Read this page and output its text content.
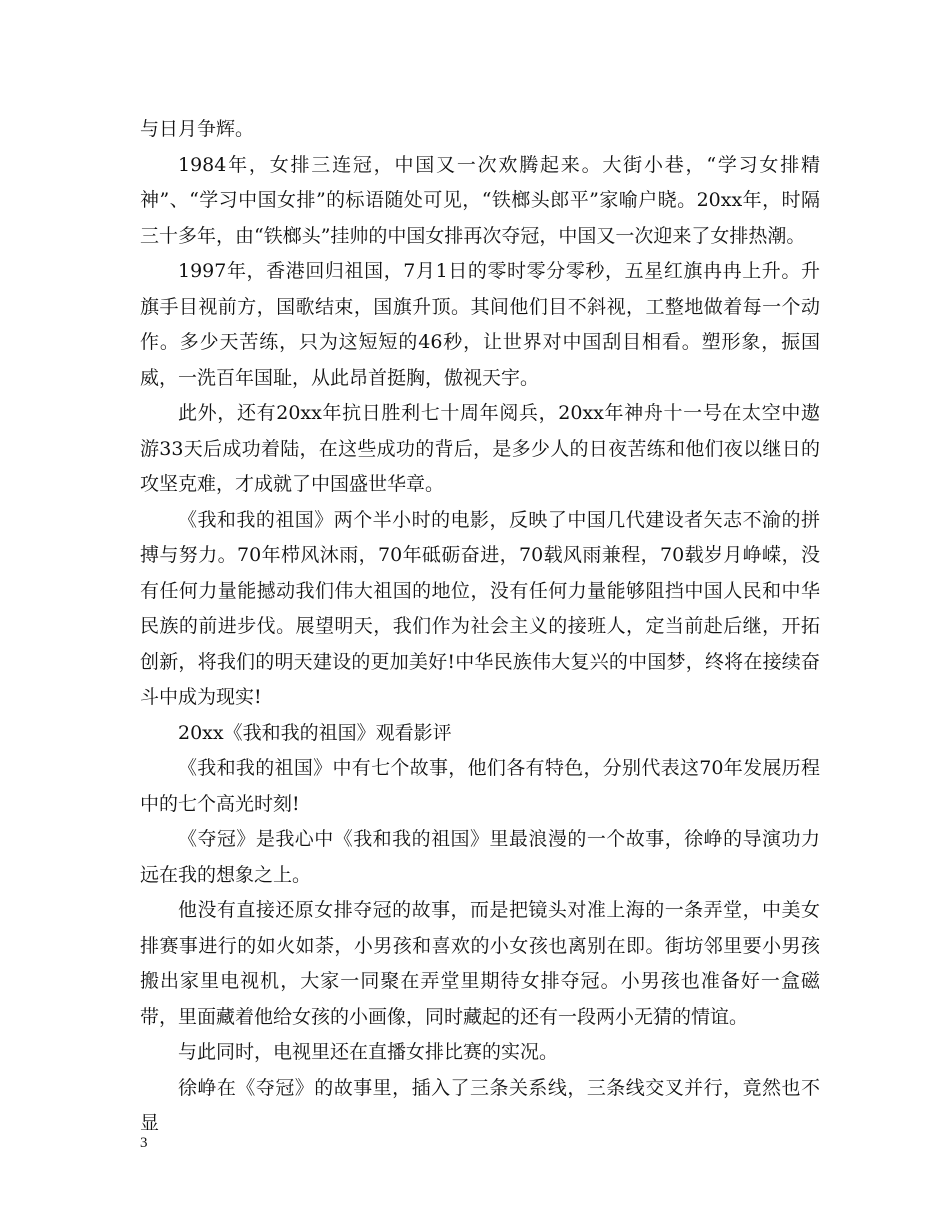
与日月争辉。

1984年，女排三连冠，中国又一次欢腾起来。大街小巷，“学习女排精神”、“学习中国女排”的标语随处可见，“铁榔头郎平”家喻户晓。20xx年，时隔三十多年，由“铁榔头”挂帅的中国女排再次夺冠，中国又一次迎来了女排热潮。

1997年，香港回归祖国，7月1日的零时零分零秒，五星红旗冉冉上升。升旗手目视前方，国歌结束，国旗升顶。其间他们目不斜视，工整地做着每一个动作。多少天苦练，只为这短短的46秒，让世界对中国刮目相看。塑形象，振国威，一洗百年国耻，从此昂首挺胸，傲视天宇。

此外，还有20xx年抗日胜利七十周年阅兵，20xx年神舟十一号在太空中遨游33天后成功着陆，在这些成功的背后，是多少人的日夜苦练和他们夜以继日的攻坚克难，才成就了中国盛世华章。

《我和我的祖国》两个半小时的电影，反映了中国几代建设者矢志不渝的拼搏与努力。70年栉风沐雨，70年砥砺奋进，70载风雨兼程，70载岁月峥嵘，没有任何力量能撼动我们伟大祖国的地位，没有任何力量能够阻挡中国人民和中华民族的前进步伐。展望明天，我们作为社会主义的接班人，定当前赴后继，开拓创新，将我们的明天建设的更加美好!中华民族伟大复兴的中国梦，终将在接续奋斗中成为现实!

20xx《我和我的祖国》观看影评

《我和我的祖国》中有七个故事，他们各有特色，分别代表这70年发展历程中的七个高光时刻!

《夺冠》是我心中《我和我的祖国》里最浪漫的一个故事，徐峥的导演功力远在我的想象之上。

他没有直接还原女排夺冠的故事，而是把镜头对准上海的一条弄堂，中美女排赛事进行的如火如荼，小男孩和喜欢的小女孩也离别在即。街坊邻里要小男孩搬出家里电视机，大家一同聚在弄堂里期待女排夺冠。小男孩也准备好一盒磁带，里面藏着他给女孩的小画像，同时藏起的还有一段两小无猜的情谊。

与此同时，电视里还在直播女排比赛的实况。

徐峥在《夺冠》的故事里，插入了三条关系线，三条线交叉并行，竟然也不显

3
